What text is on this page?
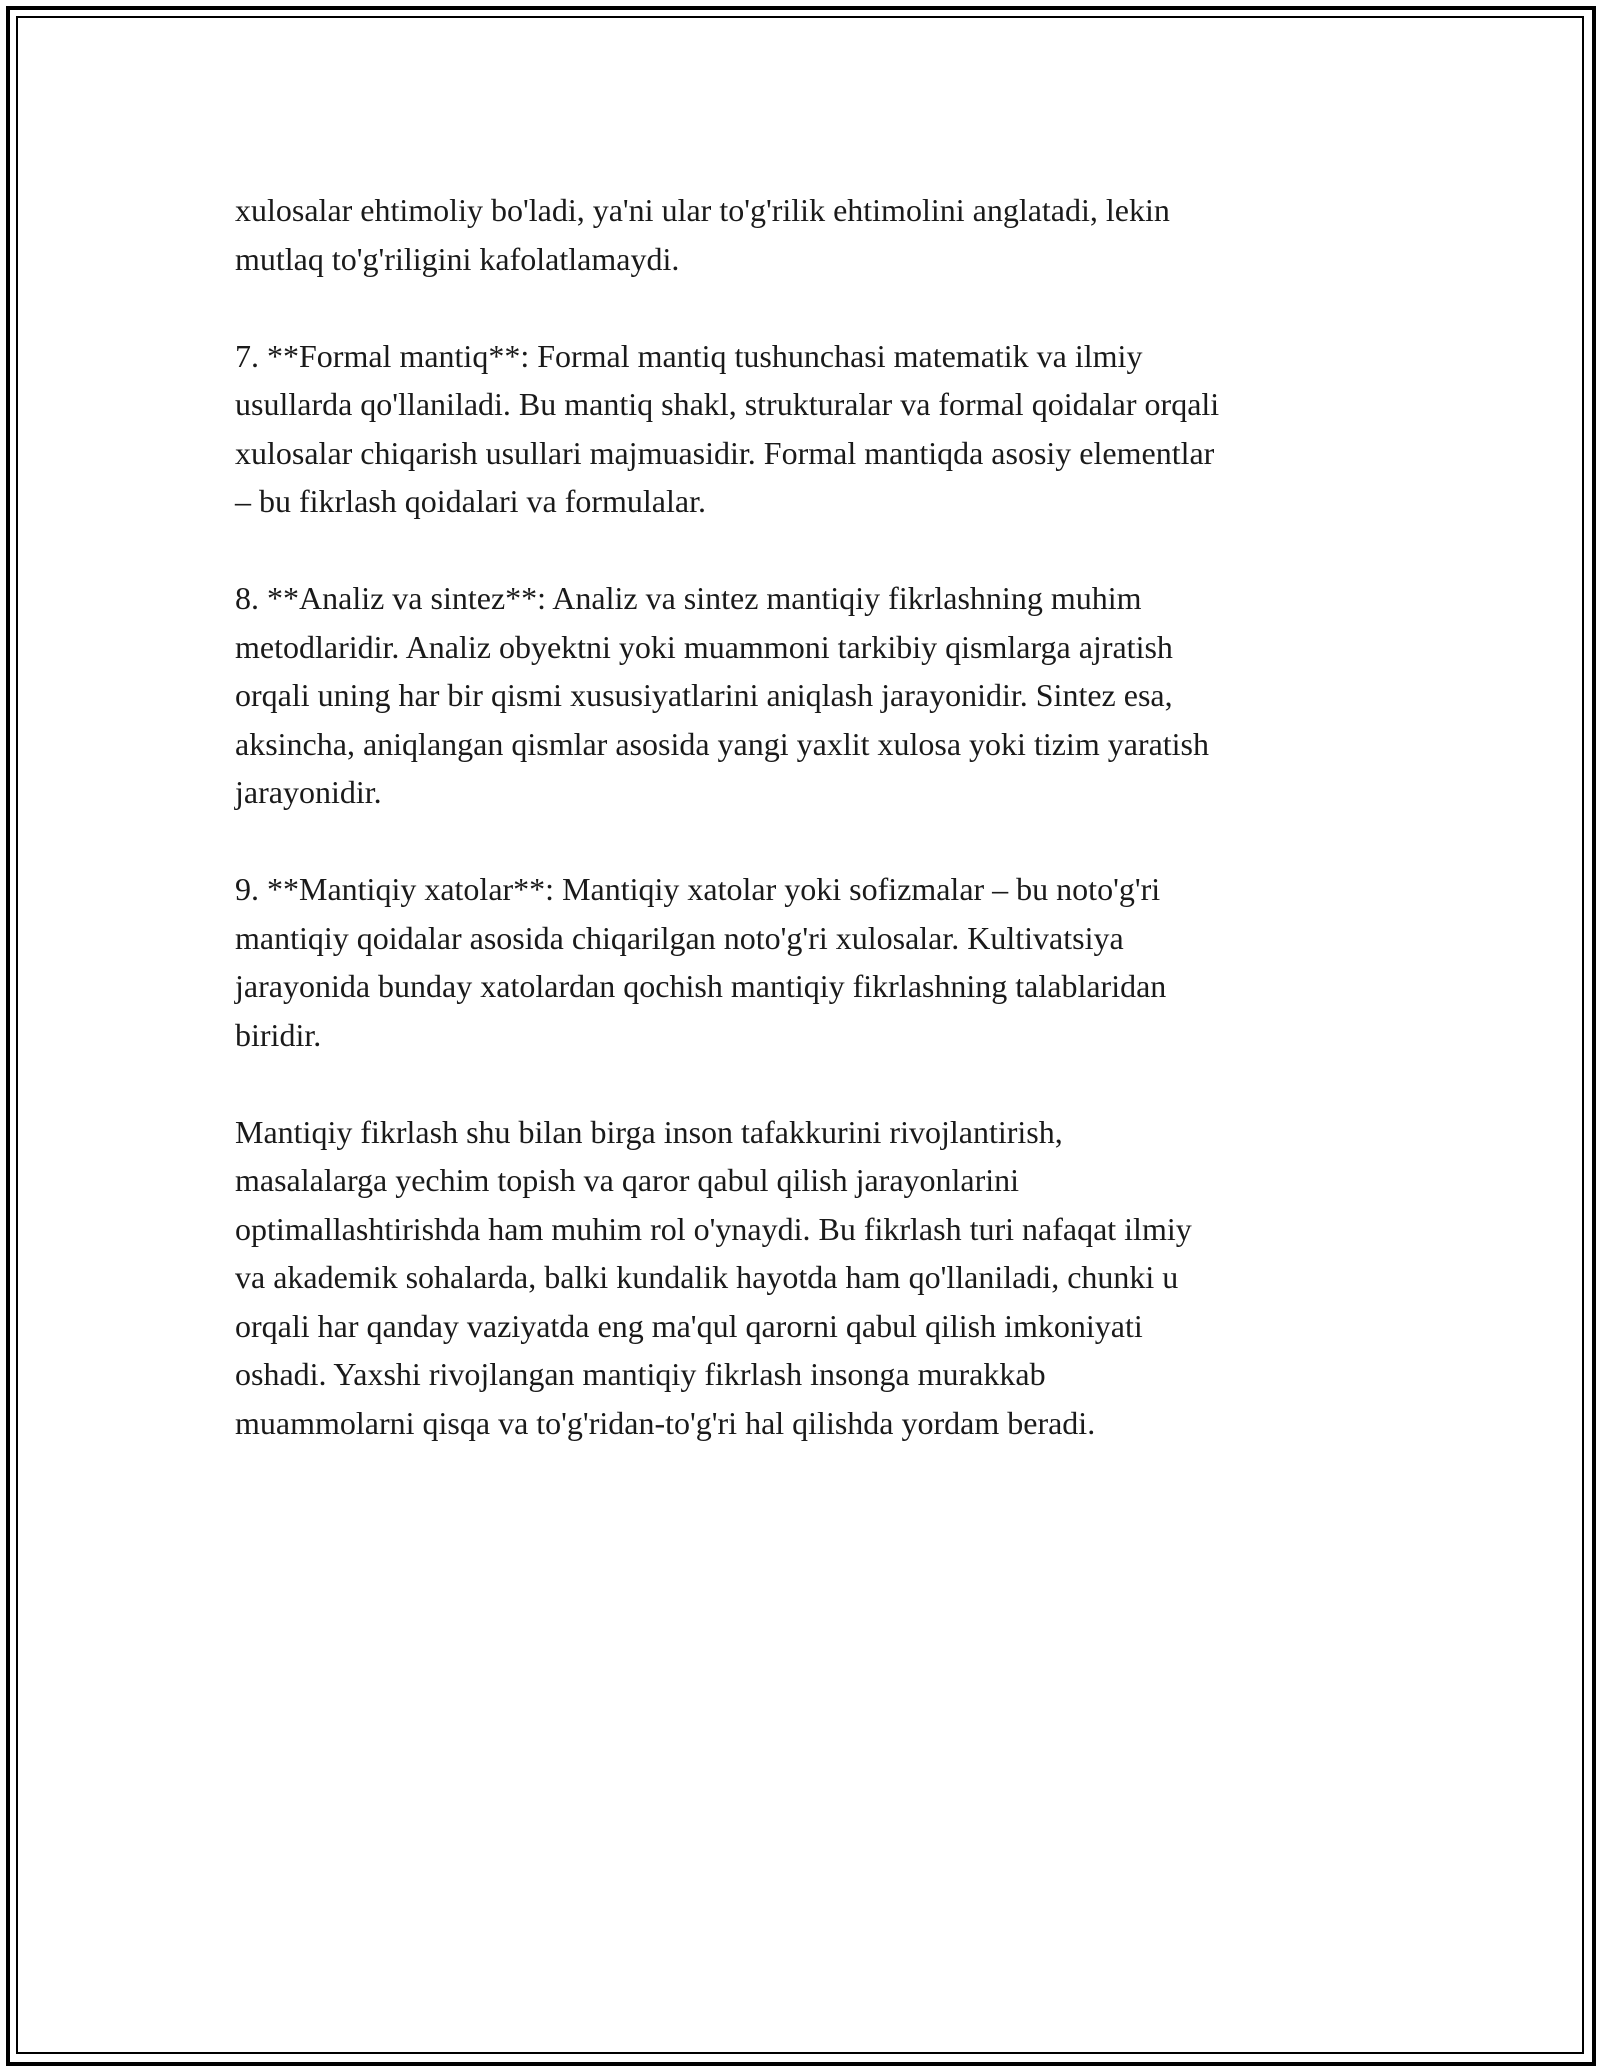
xulosalar ehtimoliy bo'ladi, ya'ni ular to'g'rilik ehtimolini anglatadi, lekin
mutlaq to'g'riligini kafolatlamaydi.

7. **Formal mantiq**: Formal mantiq tushunchasi matematik va ilmiy
usullarda qo'llaniladi. Bu mantiq shakl, strukturalar va formal qoidalar orqali
xulosalar chiqarish usullari majmuasidir. Formal mantiqda asosiy elementlar
– bu fikrlash qoidalari va formulalar.

8. **Analiz va sintez**: Analiz va sintez mantiqiy fikrlashning muhim
metodlaridir. Analiz obyektni yoki muammoni tarkibiy qismlarga ajratish
orqali uning har bir qismi xususiyatlarini aniqlash jarayonidir. Sintez esa,
aksincha, aniqlangan qismlar asosida yangi yaxlit xulosa yoki tizim yaratish
jarayonidir.

9. **Mantiqiy xatolar**: Mantiqiy xatolar yoki sofizmalar – bu noto'g'ri
mantiqiy qoidalar asosida chiqarilgan noto'g'ri xulosalar. Kultivatsiya
jarayonida bunday xatolardan qochish mantiqiy fikrlashning talablaridan
biridir.

Mantiqiy fikrlash shu bilan birga inson tafakkurini rivojlantirish,
masalalarga yechim topish va qaror qabul qilish jarayonlarini
optimallashtirishda ham muhim rol o'ynaydi. Bu fikrlash turi nafaqat ilmiy
va akademik sohalarda, balki kundalik hayotda ham qo'llaniladi, chunki u
orqali har qanday vaziyatda eng ma'qul qarorni qabul qilish imkoniyati
oshadi. Yaxshi rivojlangan mantiqiy fikrlash insonga murakkab
muammolarni qisqa va to'g'ridan-to'g'ri hal qilishda yordam beradi.
